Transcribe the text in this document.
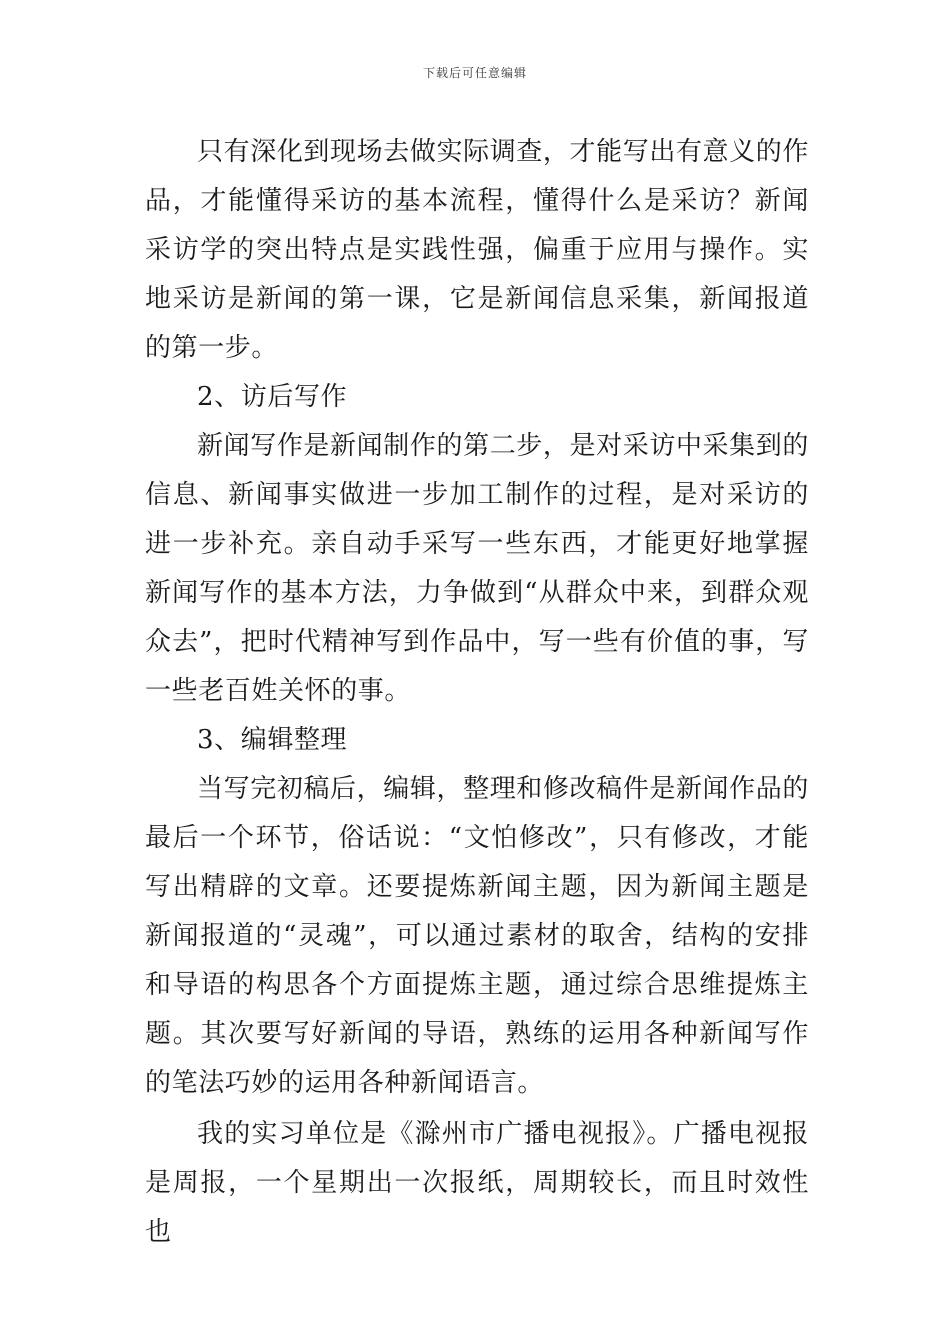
下载后可任意编辑

只有深化到现场去做实际调查，才能写出有意义的作品，才能懂得采访的基本流程，懂得什么是采访？新闻采访学的突出特点是实践性强，偏重于应用与操作。实地采访是新闻的第一课，它是新闻信息采集，新闻报道的第一步。

2、访后写作

新闻写作是新闻制作的第二步，是对采访中采集到的信息、新闻事实做进一步加工制作的过程，是对采访的进一步补充。亲自动手采写一些东西，才能更好地掌握新闻写作的基本方法，力争做到“从群众中来，到群众观众去”，把时代精神写到作品中，写一些有价值的事，写一些老百姓关怀的事。

3、编辑整理

当写完初稿后，编辑，整理和修改稿件是新闻作品的最后一个环节，俗话说：“文怕修改”，只有修改，才能写出精辟的文章。还要提炼新闻主题，因为新闻主题是新闻报道的“灵魂”，可以通过素材的取舍，结构的安排和导语的构思各个方面提炼主题，通过综合思维提炼主题。其次要写好新闻的导语，熟练的运用各种新闻写作的笔法巧妙的运用各种新闻语言。

我的实习单位是《滁州市广播电视报》。广播电视报是周报，一个星期出一次报纸，周期较长，而且时效性也
